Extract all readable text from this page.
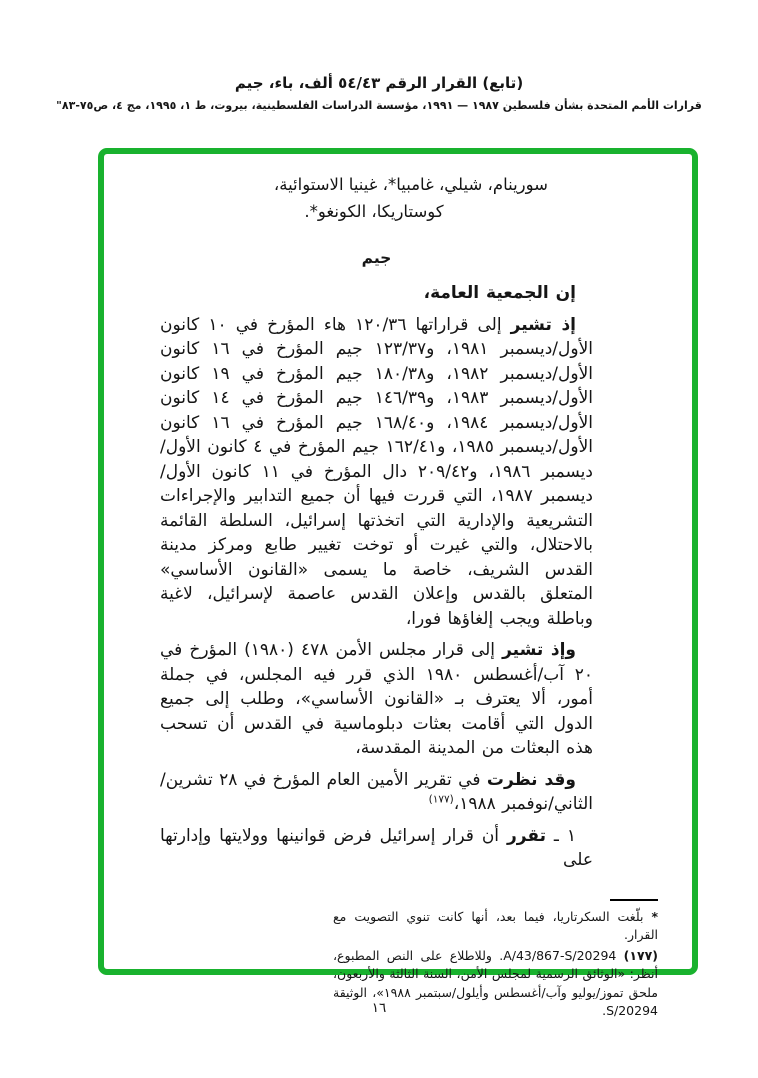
(تابع) القرار الرقم ٥٤/٤٣ ألف، باء، جيم
قرارات الأمم المتحدة بشأن فلسطين ١٩٨٧ — ١٩٩١، مؤسسة الدراسات الفلسطينية، بيروت، ط ١، ١٩٩٥، مج ٤، ص٧٥-٨٣"
سورينام، شيلي، غامبيا*، غينيا الاستوائية،
كوستاريكا، الكونغو*.
جيم
إن الجمعية العامة،
إذ تشير إلى قراراتها ١٢٠/٣٦ هاء المؤرخ في ١٠ كانون الأول/ديسمبر ١٩٨١، و١٢٣/٣٧ جيم المؤرخ في ١٦ كانون الأول/ديسمبر ١٩٨٢، و١٨٠/٣٨ جيم المؤرخ في ١٩ كانون الأول/ديسمبر ١٩٨٣، و١٤٦/٣٩ جيم المؤرخ في ١٤ كانون الأول/ديسمبر ١٩٨٤، و١٦٨/٤٠ جيم المؤرخ في ١٦ كانون الأول/ديسمبر ١٩٨٥، و١٦٢/٤١ جيم المؤرخ في ٤ كانون الأول/ديسمبر ١٩٨٦، و٢٠٩/٤٢ دال المؤرخ في ١١ كانون الأول/ديسمبر ١٩٨٧، التي قررت فيها أن جميع التدابير والإجراءات التشريعية والإدارية التي اتخذتها إسرائيل، السلطة القائمة بالاحتلال، والتي غيرت أو توخت تغيير طابع ومركز مدينة القدس الشريف، خاصة ما يسمى «القانون الأساسي» المتعلق بالقدس وإعلان القدس عاصمة لإسرائيل، لاغية وباطلة ويجب إلغاؤها فورا،
وإذ تشير إلى قرار مجلس الأمن ٤٧٨ (١٩٨٠) المؤرخ في ٢٠ آب/أغسطس ١٩٨٠ الذي قرر فيه المجلس، في جملة أمور، ألا يعترف بـ «القانون الأساسي»، وطلب إلى جميع الدول التي أقامت بعثات دبلوماسية في القدس أن تسحب هذه البعثات من المدينة المقدسة،
وقد نظرت في تقرير الأمين العام المؤرخ في ٢٨ تشرين/الثاني/نوفمبر ١٩٨٨،$^{(١٧٧)}$
١ ـ تقرر أن قرار إسرائيل فرض قوانينها وولايتها وإدارتها على
* بلّغت السكرتاريا، فيما بعد، أنها كانت تنوي التصويت مع القرار.
(١٧٧) A/43/867-S/20294. وللاطلاع على النص المطبوع، أنظر: «الوثائق الرسمية لمجلس الأمن، السنة الثالثة والأربعون، ملحق تموز/يوليو وآب/أغسطس وأيلول/سبتمبر ١٩٨٨»، الوثيقة S/20294.
١٦
